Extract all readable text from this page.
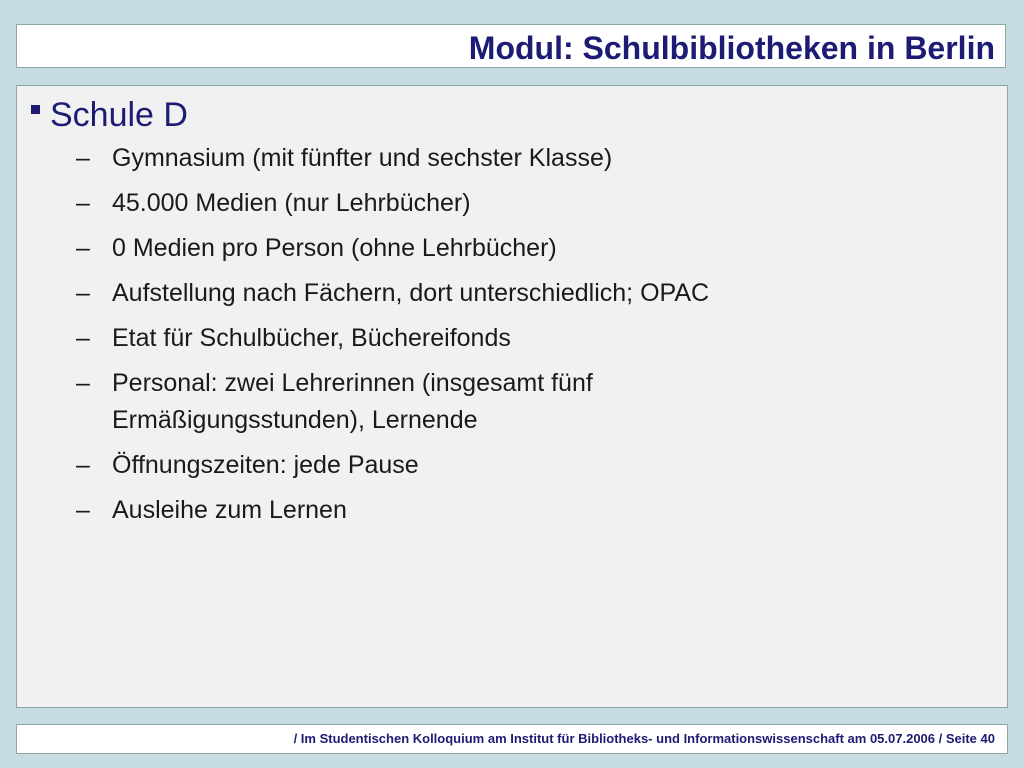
Modul: Schulbibliotheken in Berlin
Schule D
– Gymnasium (mit fünfter und sechster Klasse)
– 45.000 Medien (nur Lehrbücher)
– 0 Medien pro Person (ohne Lehrbücher)
– Aufstellung nach Fächern, dort unterschiedlich; OPAC
– Etat für Schulbücher, Büchereifonds
– Personal: zwei Lehrerinnen (insgesamt fünf Ermäßigungsstunden), Lernende
– Öffnungszeiten: jede Pause
– Ausleihe zum Lernen
/ Im Studentischen Kolloquium am Institut für Bibliotheks- und Informationswissenschaft am 05.07.2006 / Seite 40
